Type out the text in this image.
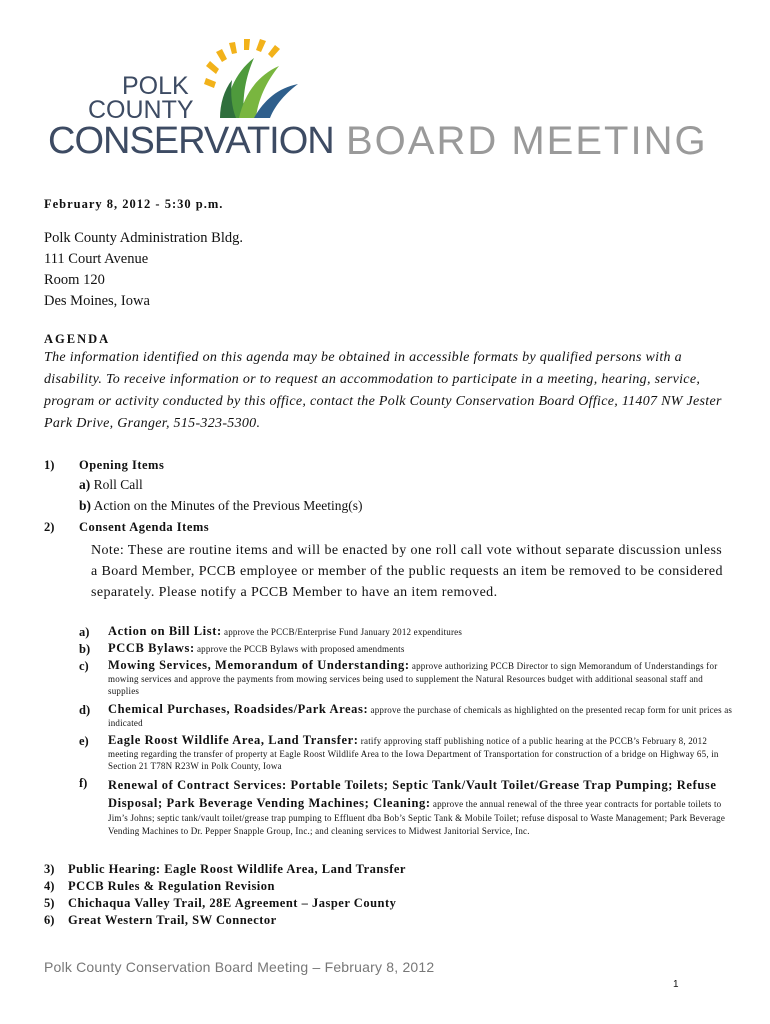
POLK
COUNTY
CONSERVATION BOARD MEETING
February 8, 2012 - 5:30 p.m.
Polk County Administration Bldg.
111 Court Avenue
Room 120
Des Moines, Iowa
AGENDA
The information identified on this agenda may be obtained in accessible formats by qualified persons with a disability. To receive information or to request an accommodation to participate in a meeting, hearing, service, program or activity conducted by this office, contact the Polk County Conservation Board Office, 11407 NW Jester Park Drive, Granger, 515-323-5300.
1) Opening Items
a) Roll Call
b) Action on the Minutes of the Previous Meeting(s)
2) Consent Agenda Items
Note: These are routine items and will be enacted by one roll call vote without separate discussion unless a Board Member, PCCB employee or member of the public requests an item be removed to be considered separately. Please notify a PCCB Member to have an item removed.
a) Action on Bill List: approve the PCCB/Enterprise Fund January 2012 expenditures
b) PCCB Bylaws: approve the PCCB Bylaws with proposed amendments
c) Mowing Services, Memorandum of Understanding: approve authorizing PCCB Director to sign Memorandum of Understandings for mowing services and approve the payments from mowing services being used to supplement the Natural Resources budget with additional seasonal staff and supplies
d) Chemical Purchases, Roadsides/Park Areas: approve the purchase of chemicals as highlighted on the presented recap form for unit prices as indicated
e) Eagle Roost Wildlife Area, Land Transfer: ratify approving staff publishing notice of a public hearing at the PCCB’s February 8, 2012 meeting regarding the transfer of property at Eagle Roost Wildlife Area to the Iowa Department of Transportation for construction of a bridge on Highway 65, in Section 21 T78N R23W in Polk County, Iowa
f) Renewal of Contract Services: Portable Toilets; Septic Tank/Vault Toilet/Grease Trap Pumping; Refuse Disposal; Park Beverage Vending Machines; Cleaning: approve the annual renewal of the three year contracts for portable toilets to Jim’s Johns; septic tank/vault toilet/grease trap pumping to Effluent dba Bob’s Septic Tank & Mobile Toilet; refuse disposal to Waste Management; Park Beverage Vending Machines to Dr. Pepper Snapple Group, Inc.; and cleaning services to Midwest Janitorial Service, Inc.
3) Public Hearing: Eagle Roost Wildlife Area, Land Transfer
4) PCCB Rules & Regulation Revision
5) Chichaqua Valley Trail, 28E Agreement – Jasper County
6) Great Western Trail, SW Connector
Polk County Conservation Board Meeting – February 8, 2012
1
